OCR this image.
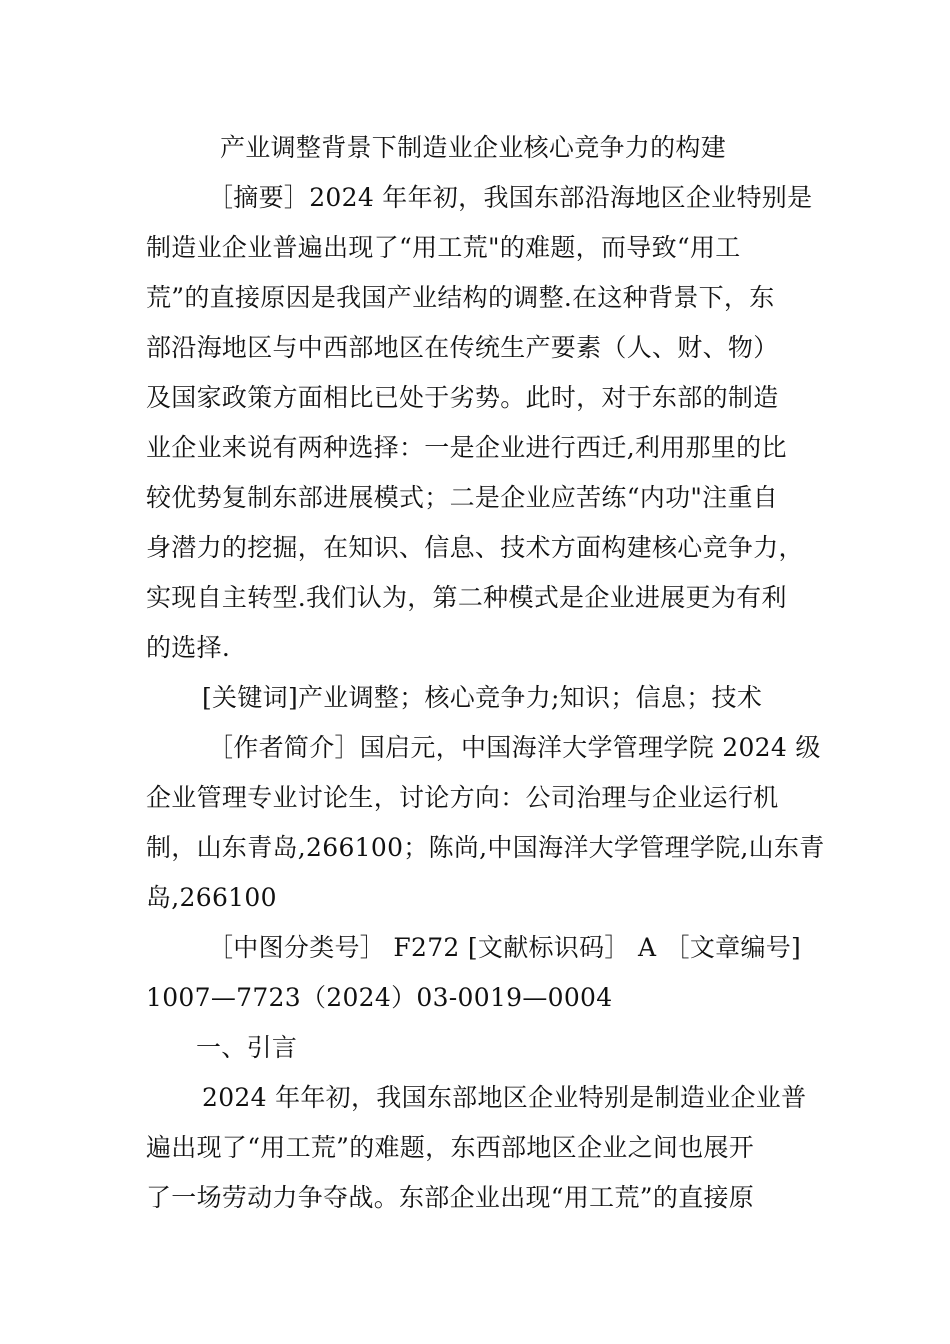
产业调整背景下制造业企业核心竞争力的构建
［摘要］2024 年年初，我国东部沿海地区企业特别是
制造业企业普遍出现了“用工荒"的难题，而导致“用工
荒”的直接原因是我国产业结构的调整.在这种背景下，东
部沿海地区与中西部地区在传统生产要素（人、财、物）
及国家政策方面相比已处于劣势。此时，对于东部的制造
业企业来说有两种选择：一是企业进行西迁,利用那里的比
较优势复制东部进展模式；二是企业应苦练“内功"注重自
身潜力的挖掘，在知识、信息、技术方面构建核心竞争力，
实现自主转型.我们认为，第二种模式是企业进展更为有利
的选择.
[关键词]产业调整；核心竞争力;知识；信息；技术
［作者简介］国启元，中国海洋大学管理学院 2024 级
企业管理专业讨论生，讨论方向：公司治理与企业运行机
制，山东青岛,266100；陈尚,中国海洋大学管理学院,山东青
岛,266100
［中图分类号］ F272 [文献标识码］ A ［文章编号]
1007—7723（2024）03-0019—0004
一、引言
2024 年年初，我国东部地区企业特别是制造业企业普
遍出现了“用工荒”的难题，东西部地区企业之间也展开
了一场劳动力争夺战。东部企业出现“用工荒”的直接原
